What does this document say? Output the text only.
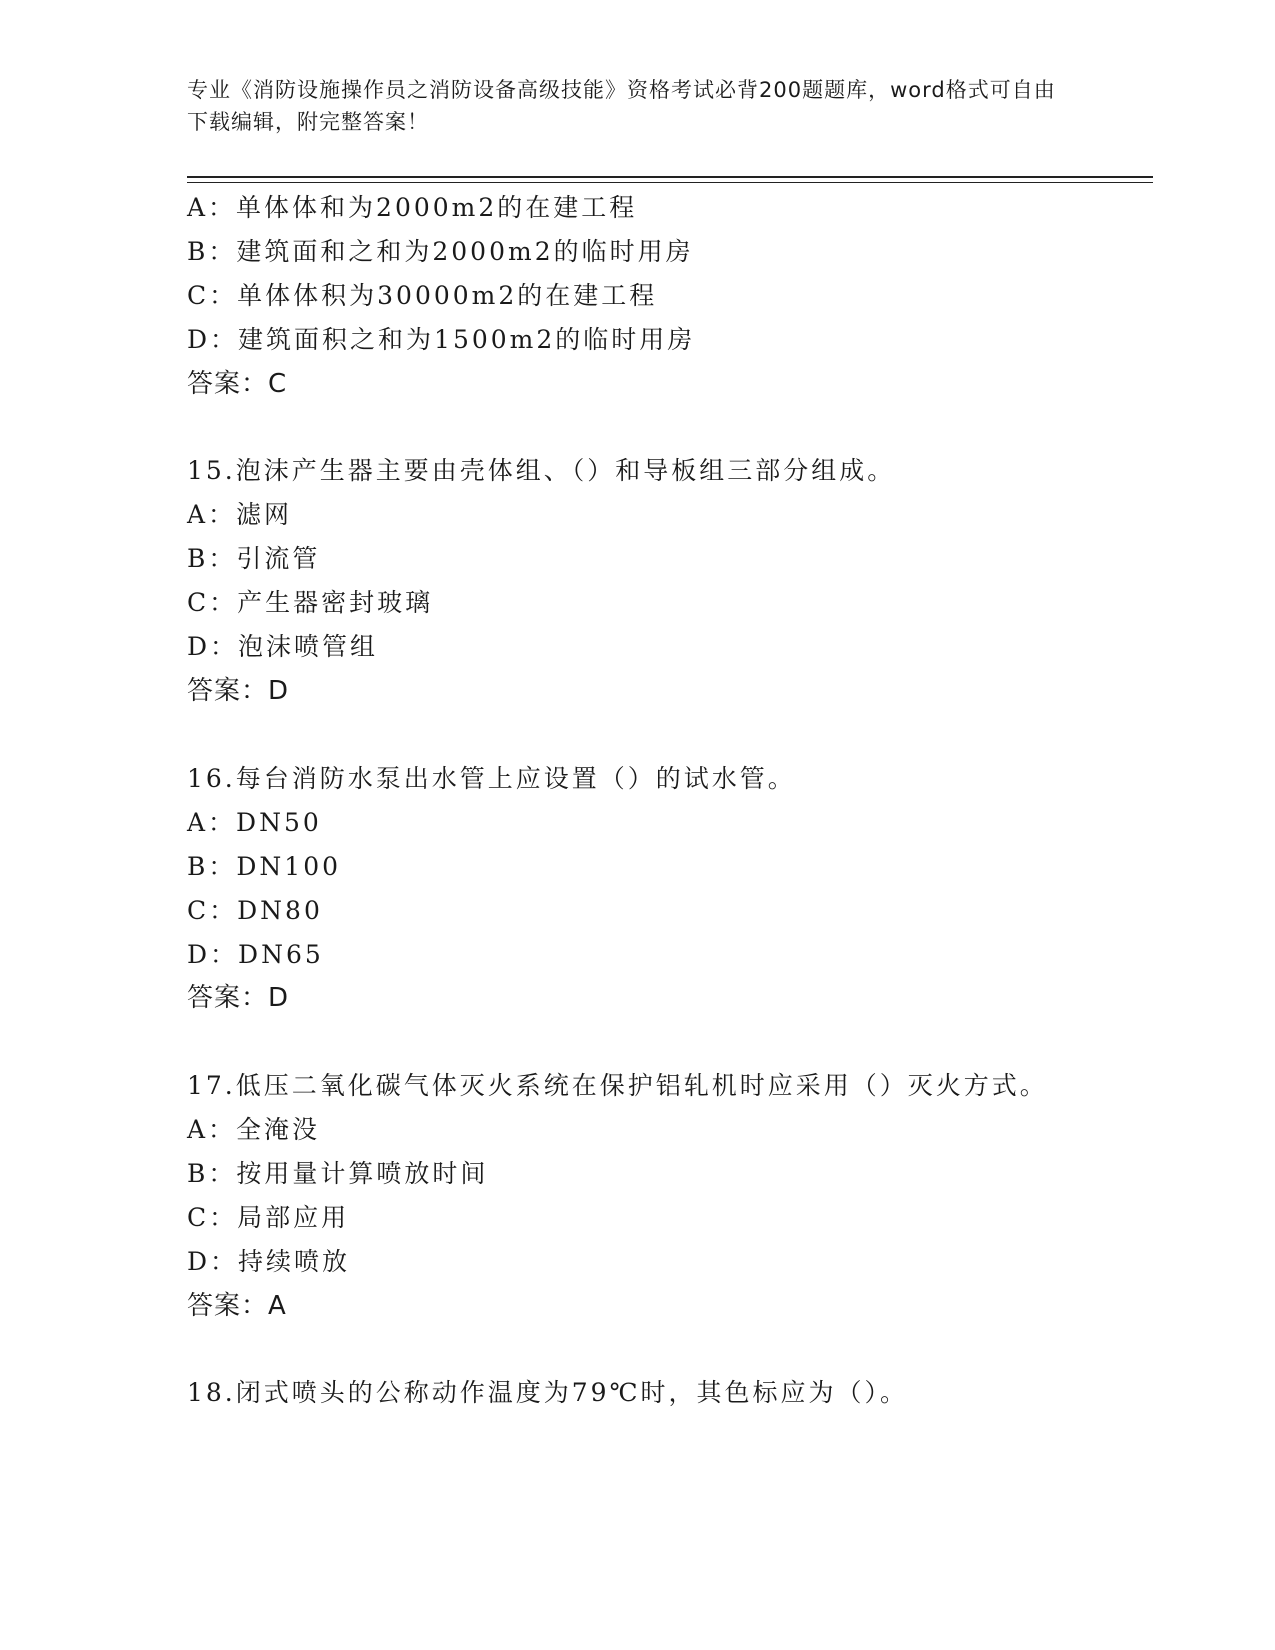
专业《消防设施操作员之消防设备高级技能》资格考试必背200题题库，word格式可自由下载编辑，附完整答案！
A：单体体和为2000m2的在建工程
B：建筑面和之和为2000m2的临时用房
C：单体体积为30000m2的在建工程
D：建筑面积之和为1500m2的临时用房
答案：C
15.泡沫产生器主要由壳体组、（）和导板组三部分组成。
A：滤网
B：引流管
C：产生器密封玻璃
D：泡沫喷管组
答案：D
16.每台消防水泵出水管上应设置（）的试水管。
A：DN50
B：DN100
C：DN80
D：DN65
答案：D
17.低压二氧化碳气体灭火系统在保护铝轧机时应采用（）灭火方式。
A：全淹没
B：按用量计算喷放时间
C：局部应用
D：持续喷放
答案：A
18.闭式喷头的公称动作温度为79℃时，其色标应为（）。
